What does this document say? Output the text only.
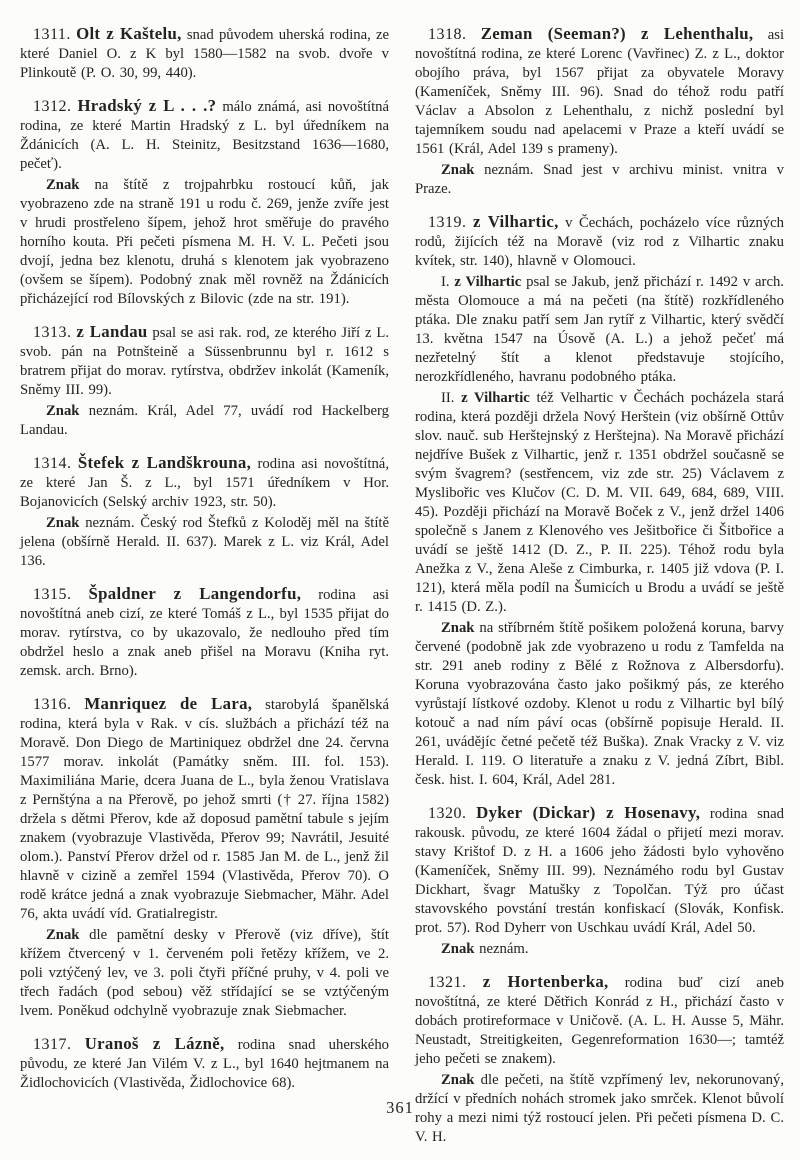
1311. Olt z Kaštelu, snad původem uherská rodina, ze které Daniel O. z K byl 1580—1582 na svob. dvoře v Plinkoutě (P. O. 30, 99, 440).

1312. Hradský z L . . .? málo známá, asi novoštítná rodina, ze které Martin Hradský z L. byl úředníkem na Ždánicích (A. L. H. Steinitz, Besitzstand 1636—1680, pečeť).

Znak na štítě z trojpahrbku rostoucí kůň, jak vyobrazeno zde na straně 191 u rodu č. 269, jenže zvíře jest v hrudi prostřeleno šípem, jehož hrot směřuje do pravého horního kouta. Při pečeti písmena M. H. V. L. Pečeti jsou dvojí, jedna bez klenotu, druhá s klenotem jak vyobrazeno (ovšem se šípem). Podobný znak měl rovněž na Ždánicích přicházející rod Bílovských z Bilovic (zde na str. 191).

1313. z Landau psal se asi rak. rod, ze kterého Jiří z L. svob. pán na Potnšteině a Süssenbrunnu byl r. 1612 s bratrem přijat do morav. rytírstva, obdržev inkolát (Kameník, Sněmy III. 99).

Znak neznám. Král, Adel 77, uvádí rod Hackelberg Landau.

1314. Štefek z Landškrouna, rodina asi novoštítná, ze které Jan Š. z L., byl 1571 úředníkem v Hor. Bojanovicích (Selský archiv 1923, str. 50).

Znak neznám. Český rod Štefků z Koloděj měl na štítě jelena (obšírně Herald. II. 637). Marek z L. viz Král, Adel 136.

1315. Špaldner z Langendorfu, rodina asi novoštítná aneb cizí, ze které Tomáš z L., byl 1535 přijat do morav. rytírstva, co by ukazovalo, že nedlouho před tím obdržel heslo a znak aneb přišel na Moravu (Kniha ryt. zemsk. arch. Brno).

1316. Manriquez de Lara, starobylá španělská rodina, která byla v Rak. v cís. službách a přichází též na Moravě. Don Diego de Martiniquez obdržel dne 24. června 1577 morav. inkolát (Památky sněm. III. fol. 153). Maximiliána Marie, dcera Juana de L., byla ženou Vratislava z Pernštýna a na Přerově, po jehož smrti († 27. října 1582) držela s dětmi Přerov, kde až doposud pamětní tabule s jejím znakem (vyobrazuje Vlastivěda, Přerov 99; Navrátil, Jesuité olom.). Panství Přerov držel od r. 1585 Jan M. de L., jenž žil hlavně v cizině a zemřel 1594 (Vlastivěda, Přerov 70). O rodě krátce jedná a znak vyobrazuje Siebmacher, Mähr. Adel 76, akta uvádí víd. Gratialregistr.

Znak dle pamětní desky v Přerově (viz dříve), štít křížem čtvercený v 1. červeném poli řetězy křížem, ve 2. poli vztýčený lev, ve 3. poli čtyři příčné pruhy, v 4. poli ve třech řadách (pod sebou) věž střídající se se vztýčeným lvem. Poněkud odchylně vyobrazuje znak Siebmacher.

1317. Uranoš z Lázně, rodina snad uherského původu, ze které Jan Vilém V. z L., byl 1640 hejtmanem na Židlochovicích (Vlastivěda, Židlochovice 68).

1318. Zeman (Seeman?) z Lehenthalu, asi novoštítná rodina, ze které Lorenc (Vavřinec) Z. z L., doktor obojího práva, byl 1567 přijat za obyvatele Moravy (Kameníček, Sněmy III. 96). Snad do téhož rodu patří Václav a Absolon z Lehenthalu, z nichž poslední byl tajemníkem soudu nad apelacemi v Praze a kteří uvádí se 1561 (Král, Adel 139 s prameny).

Znak neznám. Snad jest v archivu minist. vnitra v Praze.

1319. z Vilhartic, v Čechách, pocházelo více různých rodů, žijících též na Moravě (viz rod z Vilhartic znaku kvítek, str. 140), hlavně v Olomouci.

I. z Vilhartic psal se Jakub, jenž přichází r. 1492 v arch. města Olomouce a má na pečeti (na štítě) rozkřídleného ptáka. Dle znaku patří sem Jan rytíř z Vilhartic, který svědčí 13. května 1547 na Úsově (A. L.) a jehož pečeť má nezřetelný štít a klenot představuje stojícího, nerozkřídleného, havranu podobného ptáka.

II. z Vilhartic též Velhartic v Čechách pocházela stará rodina, která později držela Nový Herštein (viz obšírně Ottův slov. nauč. sub Herštejnský z Herštejna). Na Moravě přichází nejdříve Bušek z Vilhartic, jenž r. 1351 obdržel současně se svým švagrem? (sestřencem, viz zde str. 25) Václavem z Myslibořic ves Klučov (C. D. M. VII. 649, 684, 689, VIII. 45). Později přichází na Moravě Boček z V., jenž držel 1406 společně s Janem z Klenového ves Ješitbořice či Šitbořice a uvádí se ještě 1412 (D. Z., P. II. 225). Téhož rodu byla Anežka z V., žena Aleše z Cimburka, r. 1405 již vdova (P. I. 121), která měla podíl na Šumicích u Brodu a uvádí se ještě r. 1415 (D. Z.).

Znak na stříbrném štítě pošikem položená koruna, barvy červené (podobně jak zde vyobrazeno u rodu z Tamfelda na str. 291 aneb rodiny z Bělé z Rožnova z Albersdorfu). Koruna vyobrazována často jako pošikmý pás, ze kterého vyrůstají lístkové ozdoby. Klenot u rodu z Vilhartic byl bílý kotouč a nad ním páví ocas (obšírně popisuje Herald. II. 261, uvádějíc četné pečetě též Buška). Znak Vracky z V. viz Herald. I. 119. O literatuře a znaku z V. jedná Zíbrt, Bibl. česk. hist. I. 604, Král, Adel 281.

1320. Dyker (Dickar) z Hosenavy, rodina snad rakousk. původu, ze které 1604 žádal o přijetí mezi morav. stavy Krištof D. z H. a 1606 jeho žádosti bylo vyhověno (Kameníček, Sněmy III. 99). Neznámého rodu byl Gustav Dickhart, švagr Matušky z Topolčan. Týž pro účast stavovského povstání trestán konfiskací (Slovák, Konfisk. prot. 57). Rod Dyherr von Uschkau uvádí Král, Adel 50.

Znak neznám.

1321. z Hortenberka, rodina buď cizí aneb novoštítná, ze které Dětřich Konrád z H., přichází často v dobách protireformace v Uničově. (A. L. H. Ausse 5, Mähr. Neustadt, Streitigkeiten, Gegenreformation 1630—; tamtéž jeho pečeti se znakem).

Znak dle pečeti, na štítě vzpřímený lev, nekorunovaný, držící v předních nohách stromek jako smrček. Klenot bůvolí rohy a mezi nimi týž rostoucí jelen. Při pečeti písmena D. C. V. H.

361
